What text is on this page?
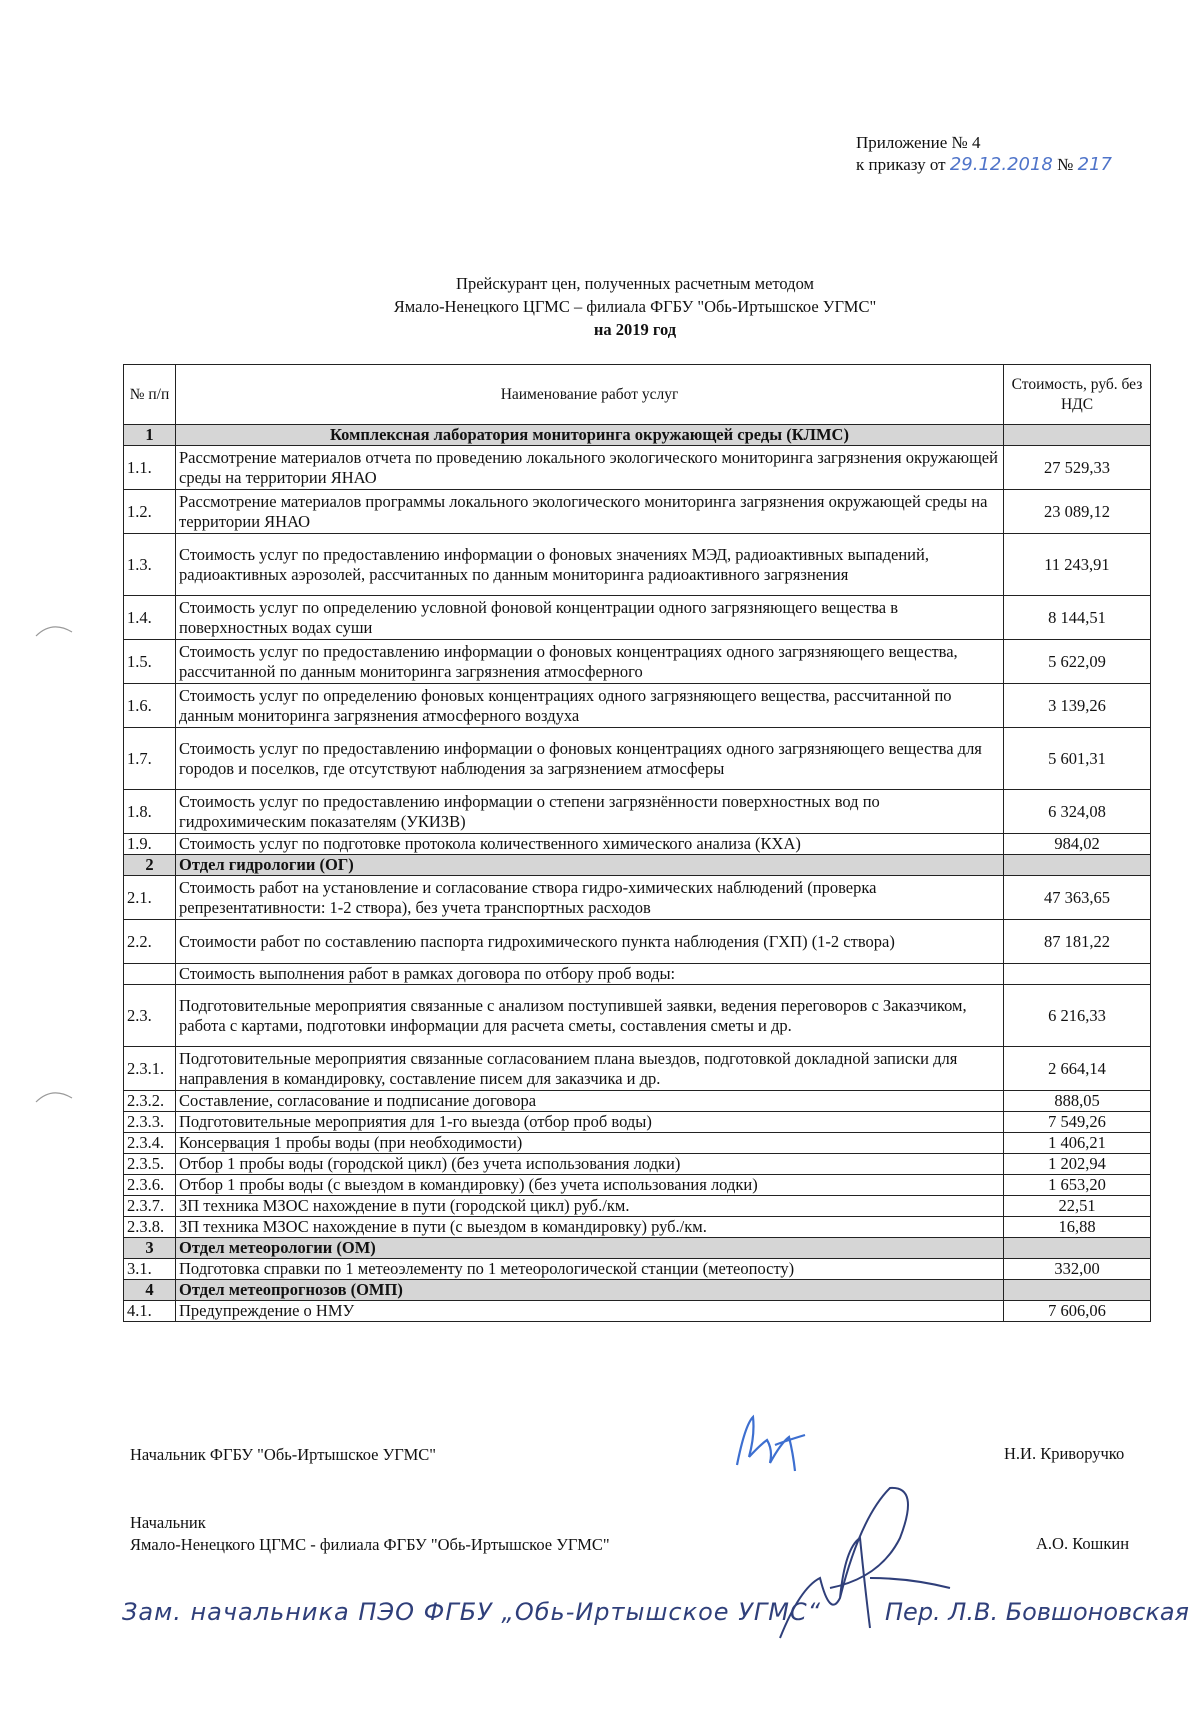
Приложение № 4
к приказу от 29.12.2018 № 217
Прейскурант цен, полученных расчетным методом
Ямало-Ненецкого ЦГМС – филиала ФГБУ "Обь-Иртышское УГМС"
на 2019 год
№ п/п	Наименование работ услуг	Стоимость, руб. без НДС
1	Комплексная лаборатория мониторинга окружающей среды (КЛМС)	
1.1.	Рассмотрение материалов отчета по проведению локального экологического мониторинга загрязнения окружающей среды на территории ЯНАО	27 529,33
1.2.	Рассмотрение материалов программы локального экологического мониторинга загрязнения окружающей среды на территории ЯНАО	23 089,12
1.3.	Стоимость услуг по предоставлению информации о фоновых значениях МЭД, радиоактивных выпадений, радиоактивных аэрозолей, рассчитанных по данным мониторинга радиоактивного загрязнения	11 243,91
1.4.	Стоимость услуг по определению условной фоновой концентрации одного загрязняющего вещества в поверхностных водах суши	8 144,51
1.5.	Стоимость услуг по предоставлению информации о фоновых концентрациях одного загрязняющего вещества, рассчитанной по данным мониторинга загрязнения атмосферного	5 622,09
1.6.	Стоимость услуг по определению фоновых концентрациях одного загрязняющего вещества, рассчитанной по данным мониторинга загрязнения атмосферного воздуха	3 139,26
1.7.	Стоимость услуг по предоставлению информации о фоновых концентрациях одного загрязняющего вещества для городов и поселков, где отсутствуют наблюдения за загрязнением атмосферы	5 601,31
1.8.	Стоимость услуг по предоставлению информации о степени загрязнённости поверхностных вод по гидрохимическим показателям (УКИЗВ)	6 324,08
1.9.	Стоимость услуг по подготовке протокола количественного химического анализа (КХА)	984,02
2	Отдел гидрологии (ОГ)	
2.1.	Стоимость работ на установление и согласование створа гидро-химических наблюдений (проверка репрезентативности: 1-2 створа), без учета транспортных расходов	47 363,65
2.2.	Стоимости работ по составлению паспорта гидрохимического пункта наблюдения (ГХП) (1-2 створа)	87 181,22
	Стоимость выполнения работ в рамках договора по отбору проб воды:	
2.3.	Подготовительные мероприятия связанные с анализом поступившей заявки, ведения переговоров с Заказчиком, работа с картами, подготовки информации для расчета сметы, составления сметы и др.	6 216,33
2.3.1.	Подготовительные мероприятия связанные согласованием плана выездов, подготовкой докладной записки для направления в командировку, составление писем для заказчика и др.	2 664,14
2.3.2.	Составление, согласование и подписание договора	888,05
2.3.3.	Подготовительные мероприятия для 1-го выезда (отбор проб воды)	7 549,26
2.3.4.	Консервация 1 пробы воды (при необходимости)	1 406,21
2.3.5.	Отбор 1 пробы воды (городской цикл) (без учета использования лодки)	1 202,94
2.3.6.	Отбор 1 пробы воды (с выездом в командировку) (без учета использования лодки)	1 653,20
2.3.7.	ЗП техника МЗОС нахождение в пути (городской цикл) руб./км.	22,51
2.3.8.	ЗП техника МЗОС нахождение в пути (с выездом в командировку) руб./км.	16,88
3	Отдел метеорологии (ОМ)	
3.1.	Подготовка справки по 1 метеоэлементу по 1 метеорологической станции (метеопосту)	332,00
4	Отдел метеопрогнозов (ОМП)	
4.1.	Предупреждение о НМУ	7 606,06
Начальник ФГБУ "Обь-Иртышское УГМС"	Н.И. Криворучко
Начальник
Ямало-Ненецкого ЦГМС - филиала ФГБУ "Обь-Иртышское УГМС"	А.О. Кошкин
Зам. начальника ПЭО ФГБУ „Обь-Иртышское УГМС“	Пер. Л.В. Бовшоновская
